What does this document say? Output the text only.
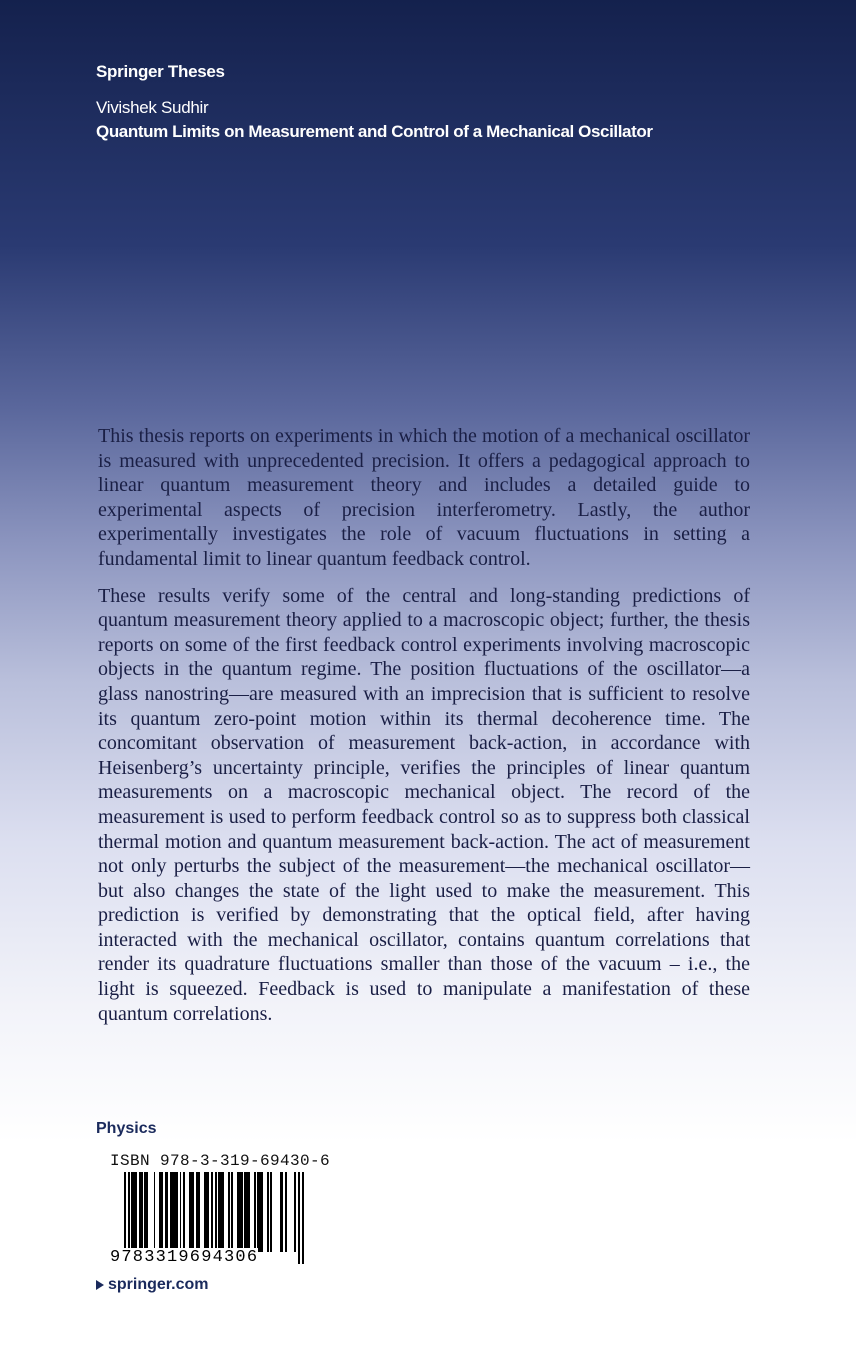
Springer Theses
Vivishek Sudhir
Quantum Limits on Measurement and Control of a Mechanical Oscillator

This thesis reports on experiments in which the motion of a mechanical oscillator is measured with unprecedented precision. It offers a pedagogical approach to linear quantum measurement theory and includes a detailed guide to experimental aspects of precision interferometry. Lastly, the author experimentally investigates the role of vacuum fluctuations in setting a fundamental limit to linear quantum feedback control.

These results verify some of the central and long-standing predictions of quantum measurement theory applied to a macroscopic object; further, the thesis reports on some of the first feedback control experiments involving macroscopic objects in the quantum regime. The position fluctuations of the oscillator—a glass nanostring—are measured with an imprecision that is sufficient to resolve its quantum zero-point motion within its thermal decoherence time. The concomitant observation of measurement back-action, in accordance with Heisenberg’s uncertainty principle, verifies the principles of linear quantum measurements on a macroscopic mechanical object. The record of the measurement is used to perform feedback control so as to suppress both classical thermal motion and quantum measurement back-action. The act of measurement not only perturbs the subject of the measurement—the mechanical oscillator—but also changes the state of the light used to make the measurement. This prediction is verified by demonstrating that the optical field, after having interacted with the mechanical oscillator, contains quantum correlations that render its quadrature fluctuations smaller than those of the vacuum – i.e., the light is squeezed. Feedback is used to manipulate a manifestation of these quantum correlations.

Physics
ISBN 978-3-319-69430-6
9783319694306
springer.com
